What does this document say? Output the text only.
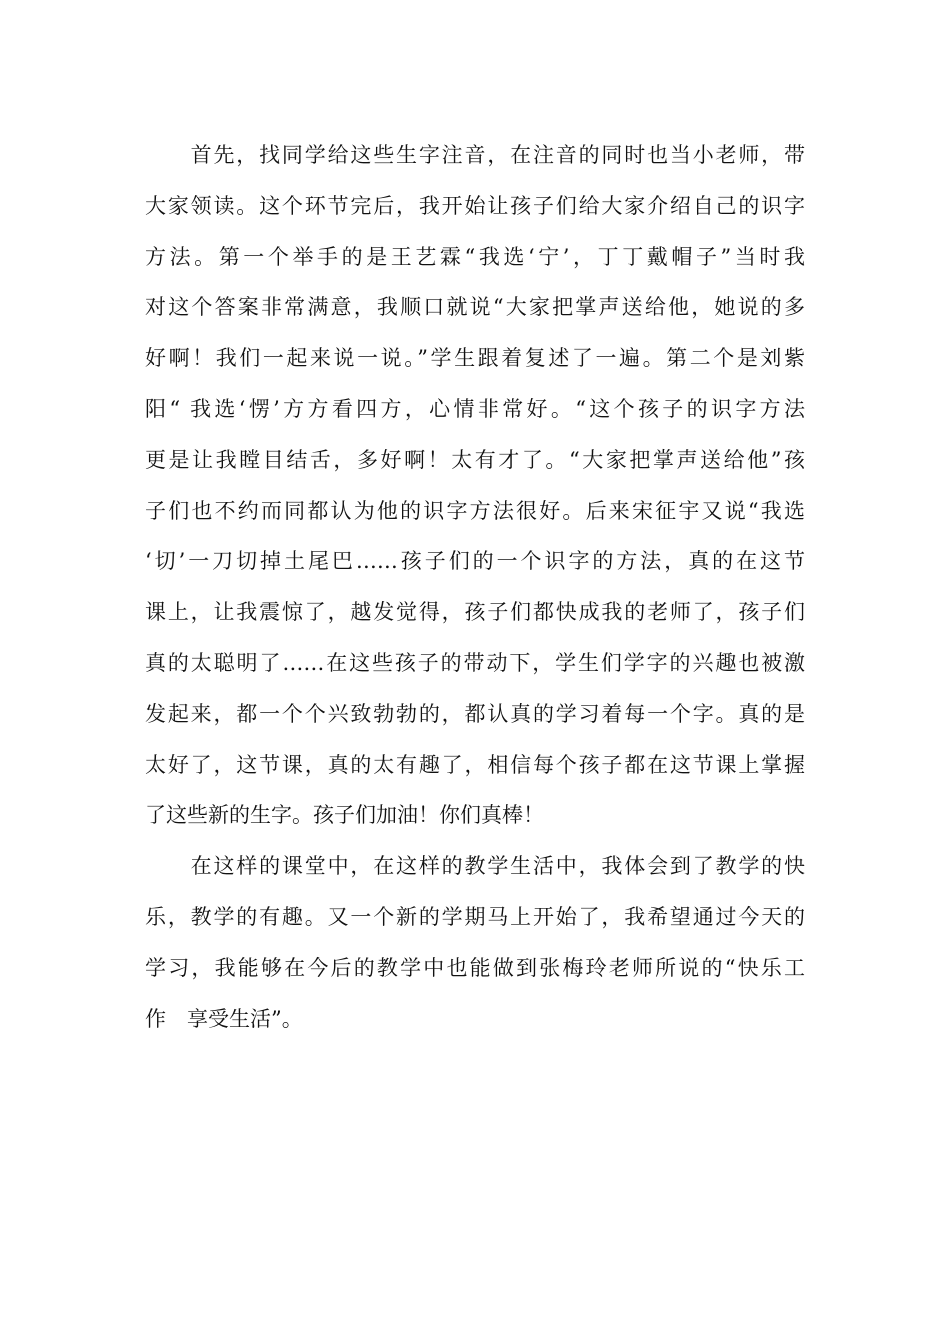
　　首先，找同学给这些生字注音，在注音的同时也当小老师，带
大家领读。这个环节完后，我开始让孩子们给大家介绍自己的识字
方法。第一个举手的是王艺霖“我选‘宁’，丁丁戴帽子”当时我
对这个答案非常满意，我顺口就说“大家把掌声送给他，她说的多
好啊！我们一起来说一说。”学生跟着复述了一遍。第二个是刘紫
阳“ 我选‘愣’方方看四方，心情非常好。“这个孩子的识字方法
更是让我瞠目结舌，多好啊！太有才了。“大家把掌声送给他”孩
子们也不约而同都认为他的识字方法很好。后来宋征宇又说“我选
‘切’一刀切掉土尾巴……孩子们的一个识字的方法，真的在这节
课上，让我震惊了，越发觉得，孩子们都快成我的老师了，孩子们
真的太聪明了……在这些孩子的带动下，学生们学字的兴趣也被激
发起来，都一个个兴致勃勃的，都认真的学习着每一个字。真的是
太好了，这节课，真的太有趣了，相信每个孩子都在这节课上掌握
了这些新的生字。孩子们加油！你们真棒！
　　在这样的课堂中，在这样的教学生活中，我体会到了教学的快
乐，教学的有趣。又一个新的学期马上开始了，我希望通过今天的
学习，我能够在今后的教学中也能做到张梅玲老师所说的“快乐工
作　享受生活”。
